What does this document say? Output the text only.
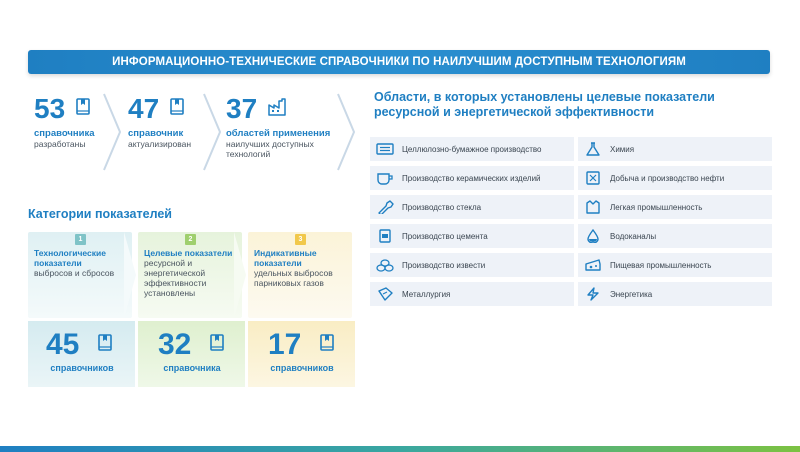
ИНФОРМАЦИОННО-ТЕХНИЧЕСКИЕ СПРАВОЧНИКИ ПО НАИЛУЧШИМ ДОСТУПНЫМ ТЕХНОЛОГИЯМ
53
справочника
разработаны
47
справочник
актуализирован
37
областей применения
наилучших доступных
технологий
Области, в которых установлены целевые показатели
ресурсной и энергетической эффективности
Целлюлозно-бумажное производство
Производство керамических изделий
Производство стекла
Производство цемента
Производство извести
Металлургия
Химия
Добыча и производство нефти
Легкая промышленность
Водоканалы
Пищевая промышленность
Энергетика
Категории показателей
1
Технологические
показатели
выбросов и сбросов
2
Целевые показатели
ресурсной и
энергетической
эффективности
установлены
3
Индикативные
показатели
удельных выбросов
парниковых газов
45
справочников
32
справочника
17
справочников
